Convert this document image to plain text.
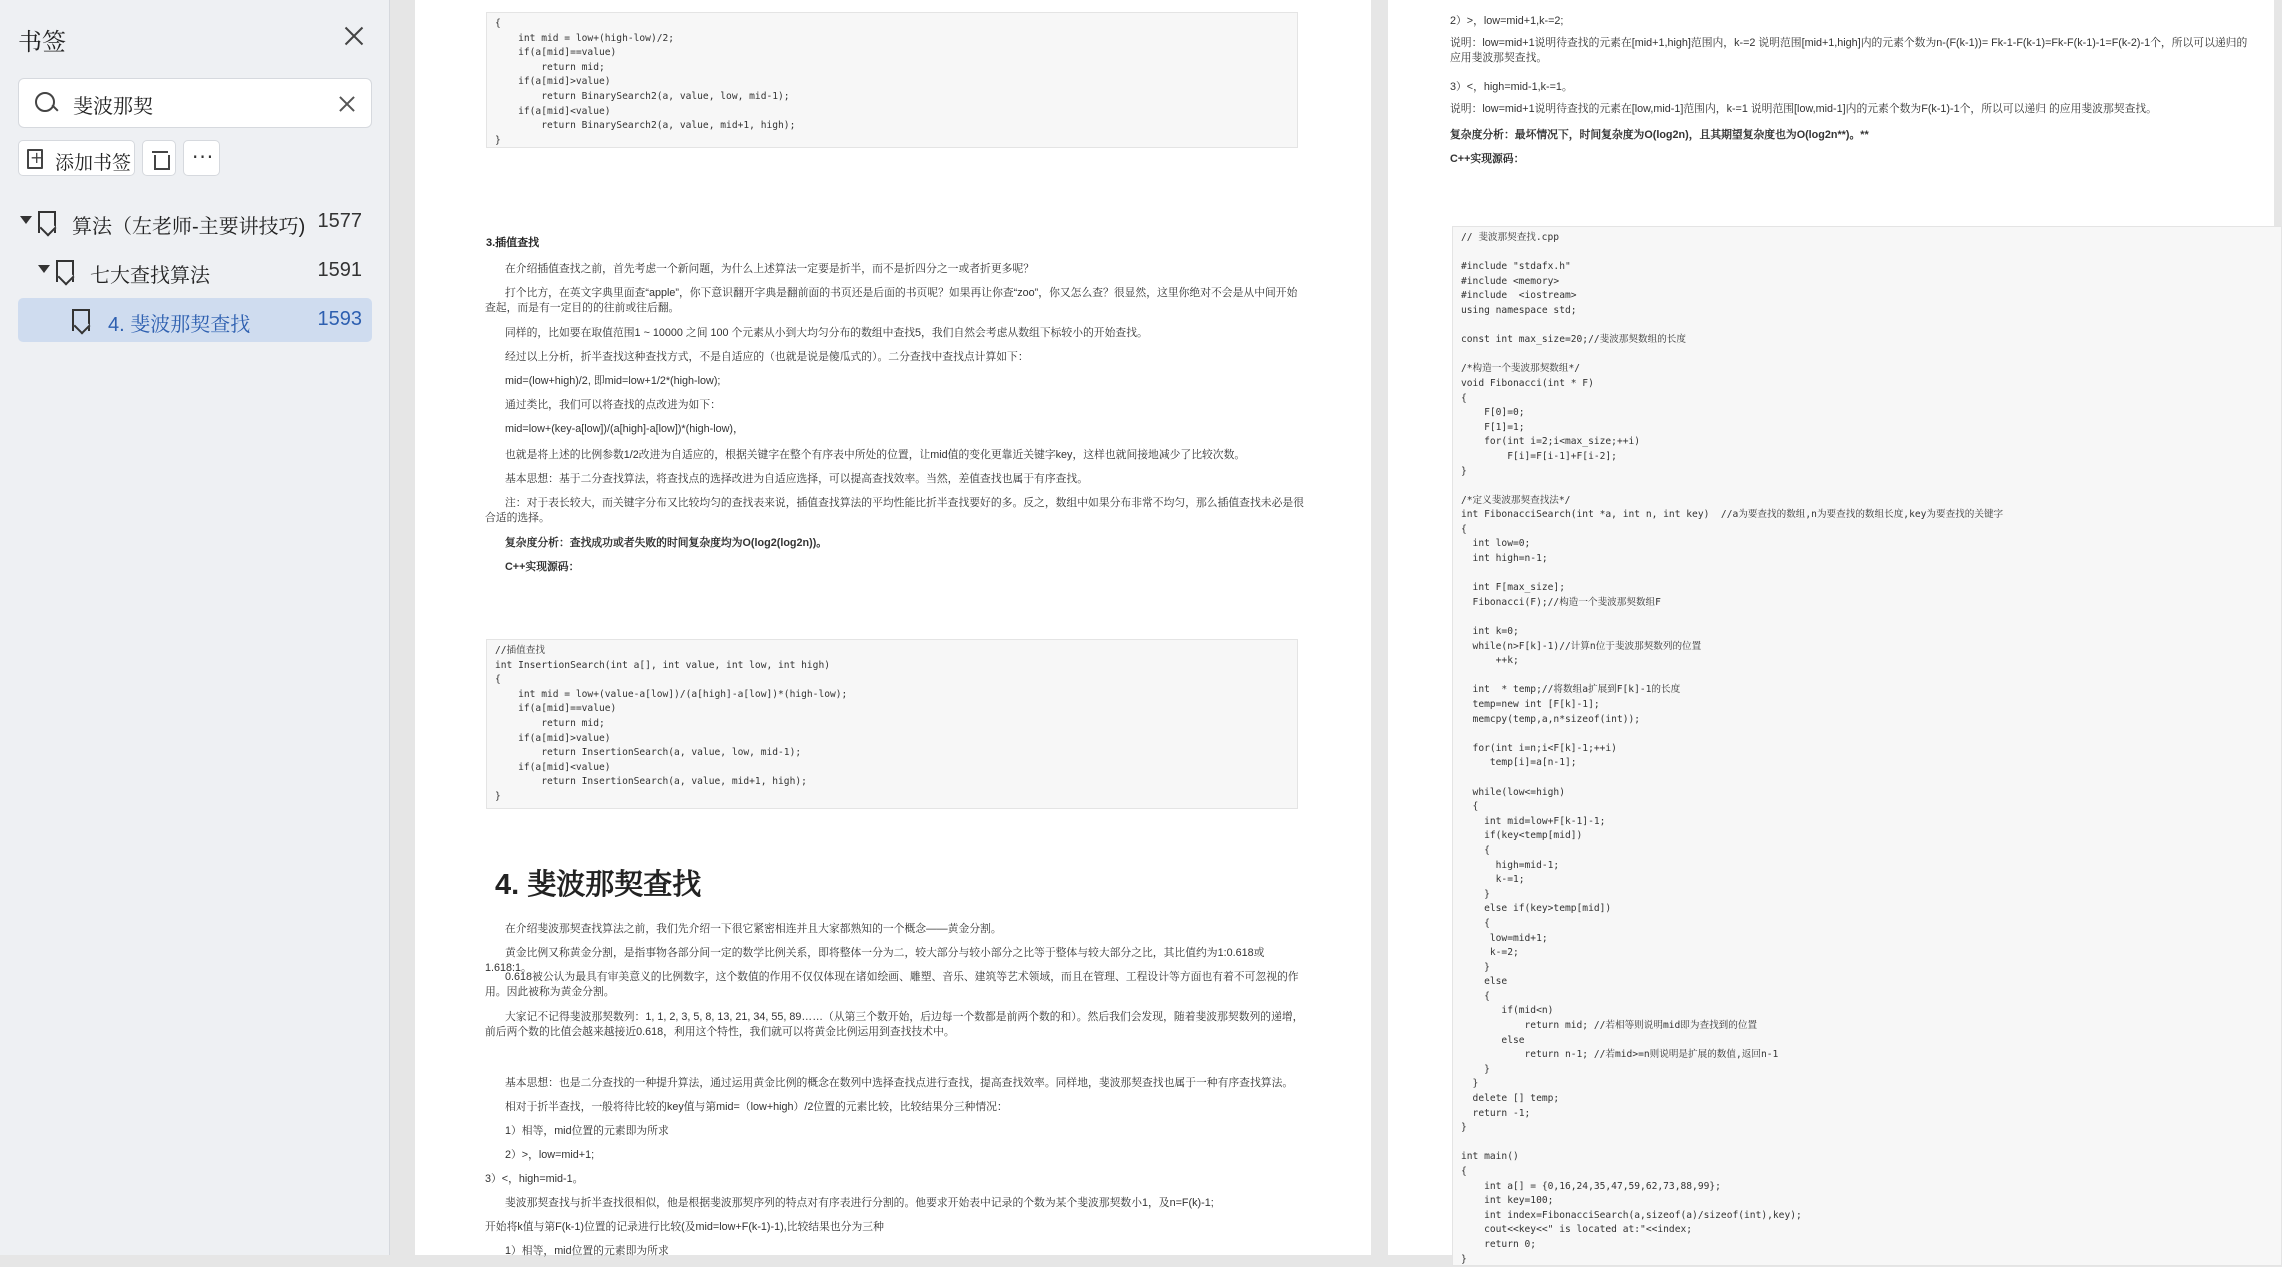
书签
斐波那契
+
添加书签	···
算法（左老师-主要讲技巧) 1577
七大查找算法	1591
4. 斐波那契查找	1593
{
int mid = low+(high-low)/2;
if(a[mid]==value)
return mid;
if(a[mid]>value)
return BinarySearch2(a, value, low, mid-1);
if(a[mid]<value)
return BinarySearch2(a, value, mid+1, high);
}
3.插值查找
在介绍插值查找之前，首先考虑一个新问题，为什么上述算法一定要是折半，而不是折四分之一或者折更多呢？
打个比方，在英文字典里面查“apple”，你下意识翻开字典是翻前面的书页还是后面的书页呢？如果再让你查“zoo”，你又怎么查？很显然，这里你绝对不会是从中间开始查起，而是有一定目的的往前或往后翻。
同样的，比如要在取值范围1 ~ 10000 之间 100 个元素从小到大均匀分布的数组中查找5，我们自然会考虑从数组下标较小的开始查找。
经过以上分析，折半查找这种查找方式，不是自适应的（也就是说是傻瓜式的）。二分查找中查找点计算如下：
mid=(low+high)/2, 即mid=low+1/2*(high-low);
通过类比，我们可以将查找的点改进为如下：
mid=low+(key-a[low])/(a[high]-a[low])*(high-low)，
也就是将上述的比例参数1/2改进为自适应的，根据关键字在整个有序表中所处的位置，让mid值的变化更靠近关键字key，这样也就间接地减少了比较次数。
基本思想：基于二分查找算法，将查找点的选择改进为自适应选择，可以提高查找效率。当然，差值查找也属于有序查找。
注：对于表长较大，而关键字分布又比较均匀的查找表来说，插值查找算法的平均性能比折半查找要好的多。反之，数组中如果分布非常不均匀，那么插值查找未必是很合适的选择。
复杂度分析：查找成功或者失败的时间复杂度均为O(log2(log2n))。
C++实现源码：
//插值查找
int InsertionSearch(int a[], int value, int low, int high)
{
int mid = low+(value-a[low])/(a[high]-a[low])*(high-low);
if(a[mid]==value)
return mid;
if(a[mid]>value)
return InsertionSearch(a, value, low, mid-1);
if(a[mid]<value)
return InsertionSearch(a, value, mid+1, high);
}
4. 斐波那契查找
在介绍斐波那契查找算法之前，我们先介绍一下很它紧密相连并且大家都熟知的一个概念——黄金分割。
黄金比例又称黄金分割，是指事物各部分间一定的数学比例关系，即将整体一分为二，较大部分与较小部分之比等于整体与较大部分之比，其比值约为1:0.618或1.618:1。
0.618被公认为最具有审美意义的比例数字，这个数值的作用不仅仅体现在诸如绘画、雕塑、音乐、建筑等艺术领域，而且在管理、工程设计等方面也有着不可忽视的作用。因此被称为黄金分割。
大家记不记得斐波那契数列：1, 1, 2, 3, 5, 8, 13, 21, 34, 55, 89……（从第三个数开始，后边每一个数都是前两个数的和）。然后我们会发现，随着斐波那契数列的递增，前后两个数的比值会越来越接近0.618，利用这个特性，我们就可以将黄金比例运用到查找技术中。
基本思想：也是二分查找的一种提升算法，通过运用黄金比例的概念在数列中选择查找点进行查找，提高查找效率。同样地，斐波那契查找也属于一种有序查找算法。
相对于折半查找，一般将待比较的key值与第mid=（low+high）/2位置的元素比较，比较结果分三种情况：
1）相等，mid位置的元素即为所求
2）>，low=mid+1;
3）<，high=mid-1。
斐波那契查找与折半查找很相似，他是根据斐波那契序列的特点对有序表进行分割的。他要求开始表中记录的个数为某个斐波那契数小1，及n=F(k)-1;
开始将k值与第F(k-1)位置的记录进行比较(及mid=low+F(k-1)-1),比较结果也分为三种
1）相等，mid位置的元素即为所求
2）>，low=mid+1,k-=2;
说明：low=mid+1说明待查找的元素在[mid+1,high]范围内，k-=2 说明范围[mid+1,high]内的元素个数为n-(F(k-1))= Fk-1-F(k-1)=Fk-F(k-1)-1=F(k-2)-1个，所以可以递归的应用斐波那契查找。
3）<，high=mid-1,k-=1。
说明：low=mid+1说明待查找的元素在[low,mid-1]范围内，k-=1 说明范围[low,mid-1]内的元素个数为F(k-1)-1个，所以可以递归 的应用斐波那契查找。
复杂度分析：最坏情况下，时间复杂度为O(log2n)，且其期望复杂度也为O(log2n**)。**
C++实现源码：
// 斐波那契查找.cpp

#include "stdafx.h"
#include <memory>
#include  <iostream>
using namespace std;

const int max_size=20;//斐波那契数组的长度

/*构造一个斐波那契数组*/
void Fibonacci(int * F)
{
F[0]=0;
F[1]=1;
for(int i=2;i<max_size;++i)
F[i]=F[i-1]+F[i-2];
}

/*定义斐波那契查找法*/
int FibonacciSearch(int *a, int n, int key)  //a为要查找的数组,n为要查找的数组长度,key为要查找的关键字
{
int low=0;
int high=n-1;

int F[max_size];
Fibonacci(F);//构造一个斐波那契数组F

int k=0;
while(n>F[k]-1)//计算n位于斐波那契数列的位置
++k;

int  * temp;//将数组a扩展到F[k]-1的长度
temp=new int [F[k]-1];
memcpy(temp,a,n*sizeof(int));

for(int i=n;i<F[k]-1;++i)
temp[i]=a[n-1];

while(low<=high)
{
int mid=low+F[k-1]-1;
if(key<temp[mid])
{
high=mid-1;
k-=1;
}
else if(key>temp[mid])
{
low=mid+1;
k-=2;
}
else
{
if(mid<n)
return mid; //若相等则说明mid即为查找到的位置
else
return n-1; //若mid>=n则说明是扩展的数值,返回n-1
}
}
delete [] temp;
return -1;
}

int main()
{
int a[] = {0,16,24,35,47,59,62,73,88,99};
int key=100;
int index=FibonacciSearch(a,sizeof(a)/sizeof(int),key);
cout<<key<<" is located at:"<<index;
return 0;
}
